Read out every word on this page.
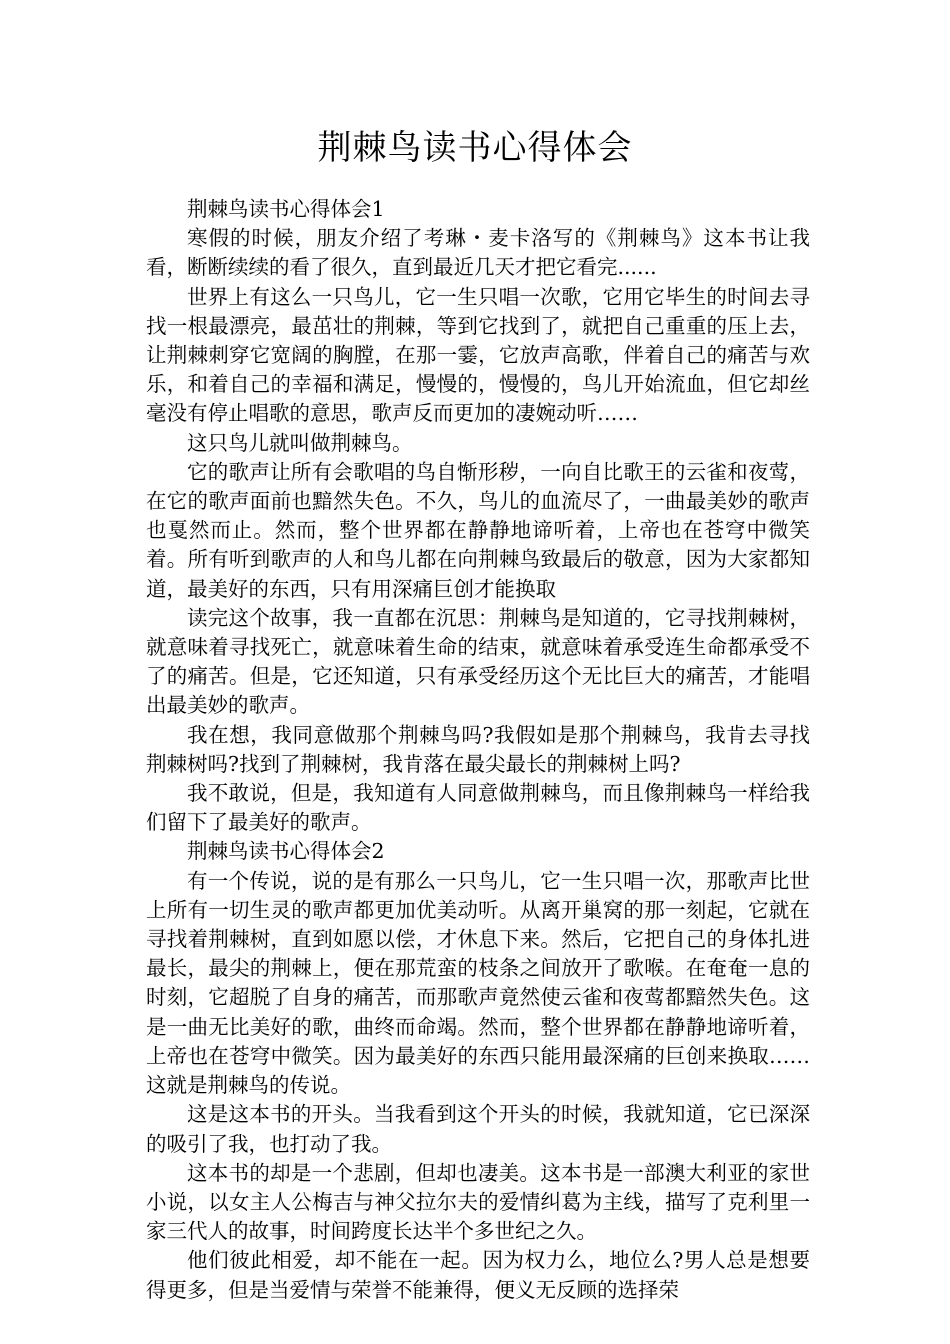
荆棘鸟读书心得体会

荆棘鸟读书心得体会1

寒假的时候，朋友介绍了考琳・麦卡洛写的《荆棘鸟》这本书让我看，断断续续的看了很久，直到最近几天才把它看完......

世界上有这么一只鸟儿，它一生只唱一次歌，它用它毕生的时间去寻找一根最漂亮，最茁壮的荆棘，等到它找到了，就把自己重重的压上去，让荆棘刺穿它宽阔的胸膛，在那一霎，它放声高歌，伴着自己的痛苦与欢乐，和着自己的幸福和满足，慢慢的，慢慢的，鸟儿开始流血，但它却丝毫没有停止唱歌的意思，歌声反而更加的凄婉动听……

这只鸟儿就叫做荆棘鸟。

它的歌声让所有会歌唱的鸟自惭形秽，一向自比歌王的云雀和夜莺，在它的歌声面前也黯然失色。不久，鸟儿的血流尽了，一曲最美妙的歌声也戛然而止。然而，整个世界都在静静地谛听着，上帝也在苍穹中微笑着。所有听到歌声的人和鸟儿都在向荆棘鸟致最后的敬意，因为大家都知道，最美好的东西，只有用深痛巨创才能换取

读完这个故事，我一直都在沉思：荆棘鸟是知道的，它寻找荆棘树，就意味着寻找死亡，就意味着生命的结束，就意味着承受连生命都承受不了的痛苦。但是，它还知道，只有承受经历这个无比巨大的痛苦，才能唱出最美妙的歌声。

我在想，我同意做那个荆棘鸟吗?我假如是那个荆棘鸟，我肯去寻找荆棘树吗?找到了荆棘树，我肯落在最尖最长的荆棘树上吗?

我不敢说，但是，我知道有人同意做荆棘鸟，而且像荆棘鸟一样给我们留下了最美好的歌声。

荆棘鸟读书心得体会2

有一个传说，说的是有那么一只鸟儿，它一生只唱一次，那歌声比世上所有一切生灵的歌声都更加优美动听。从离开巢窝的那一刻起，它就在寻找着荆棘树，直到如愿以偿，才休息下来。然后，它把自己的身体扎进最长，最尖的荆棘上，便在那荒蛮的枝条之间放开了歌喉。在奄奄一息的时刻，它超脱了自身的痛苦，而那歌声竟然使云雀和夜莺都黯然失色。这是一曲无比美好的歌，曲终而命竭。然而，整个世界都在静静地谛听着，上帝也在苍穹中微笑。因为最美好的东西只能用最深痛的巨创来换取……这就是荆棘鸟的传说。

这是这本书的开头。当我看到这个开头的时候，我就知道，它已深深的吸引了我，也打动了我。

这本书的却是一个悲剧，但却也凄美。这本书是一部澳大利亚的家世小说，以女主人公梅吉与神父拉尔夫的爱情纠葛为主线，描写了克利里一家三代人的故事，时间跨度长达半个多世纪之久。

他们彼此相爱，却不能在一起。因为权力么，地位么?男人总是想要得更多，但是当爱情与荣誉不能兼得，便义无反顾的选择荣
